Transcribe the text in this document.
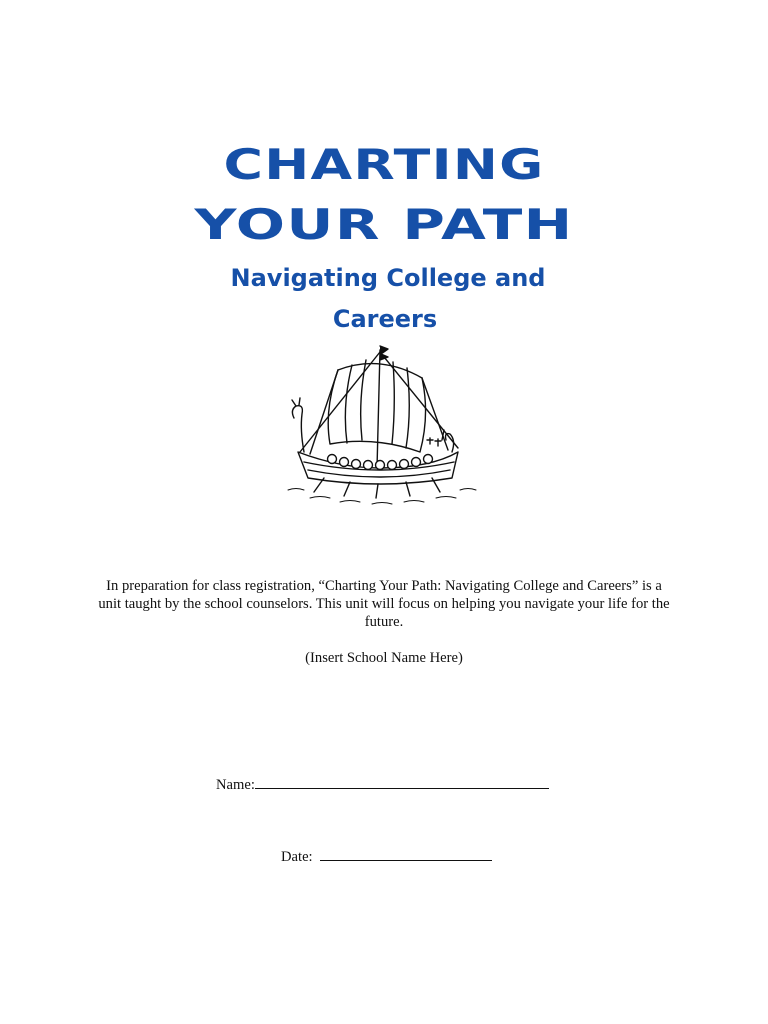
CHARTING
YOUR PATH
Navigating College and
Careers

In preparation for class registration, “Charting Your Path: Navigating College and Careers” is a unit taught by the school counselors. This unit will focus on helping you navigate your life for the future.

(Insert School Name Here)

Name:

Date:
